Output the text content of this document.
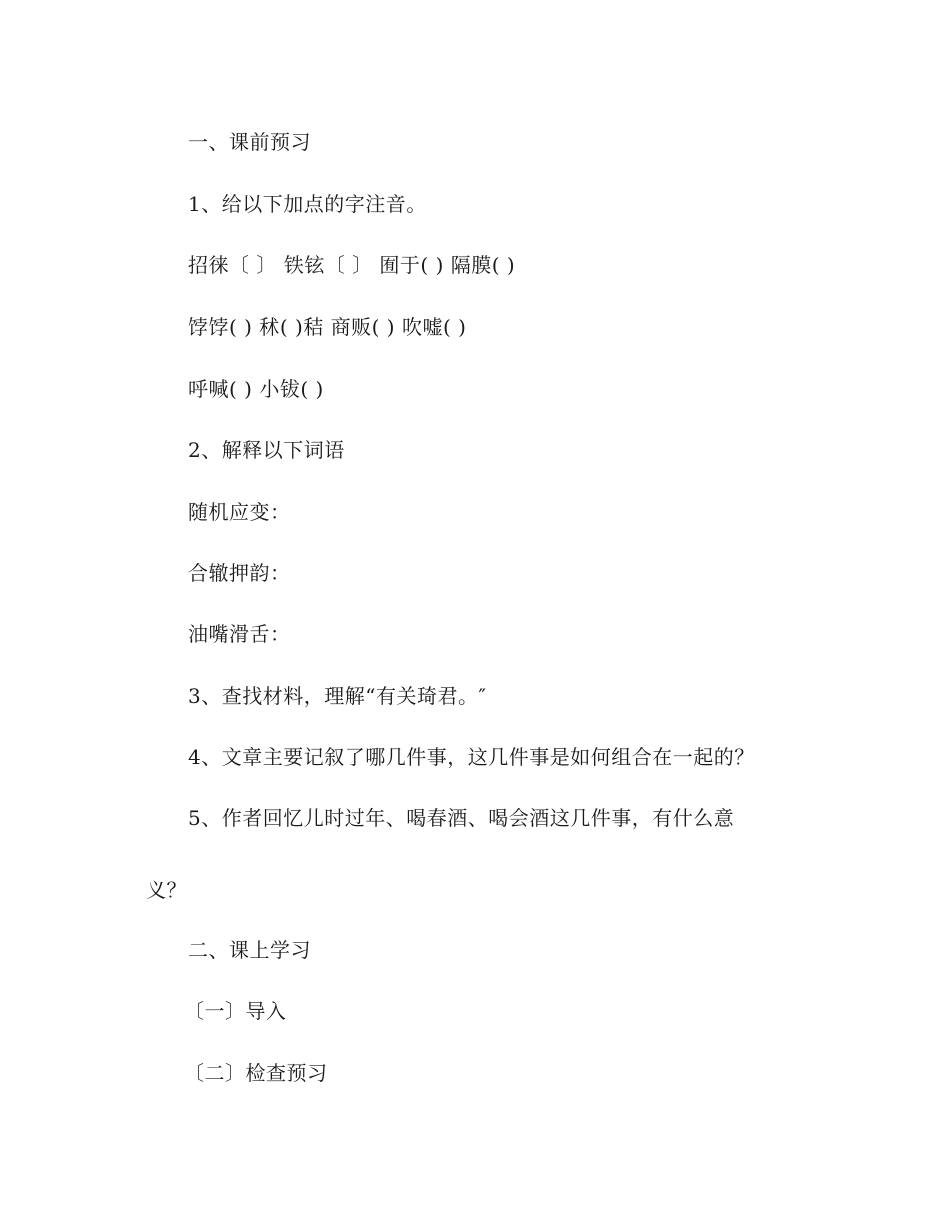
一、课前预习
1、给以下加点的字注音。
招徕〔 〕 铁铉〔 〕 囿于( ) 隔膜( )
饽饽( ) 秫( )秸 商贩( ) 吹嘘( )
呼喊( ) 小钹( )
2、解释以下词语
随机应变：
合辙押韵：
油嘴滑舌：
3、查找材料，理解“有关琦君。″
4、文章主要记叙了哪几件事，这几件事是如何组合在一起的？
5、作者回忆儿时过年、喝春酒、喝会酒这几件事，有什么意
义？
二、课上学习
〔一〕导入
〔二〕检查预习
